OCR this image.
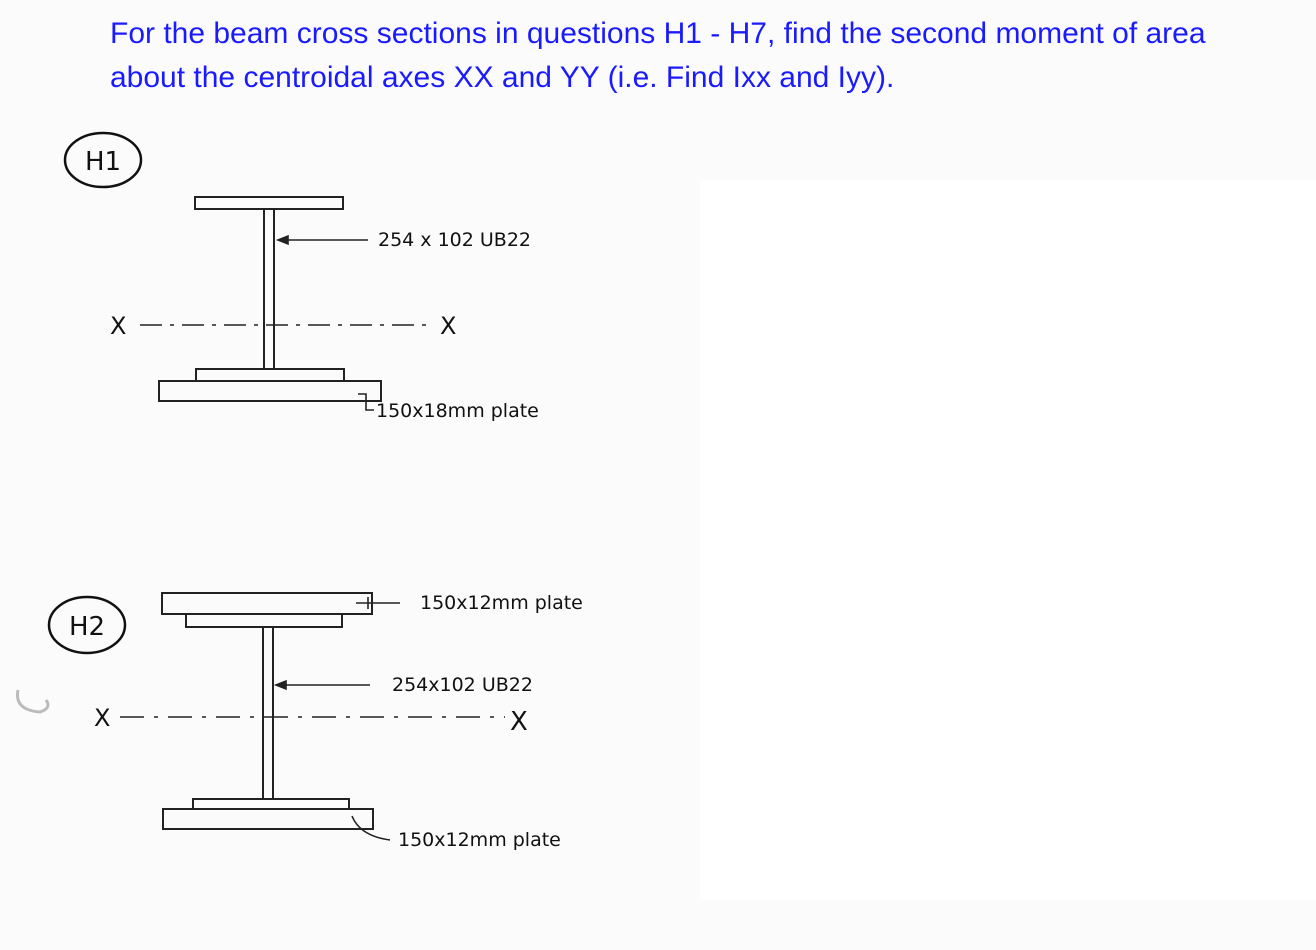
For the beam cross sections in questions H1 - H7, find the second moment of area
about the centroidal axes XX and YY (i.e. Find Ixx and Iyy).
H1
254 x 102 UB22
X	X
150x18mm plate
H2
150x12mm plate
254x102 UB22
X	X
150x12mm plate
